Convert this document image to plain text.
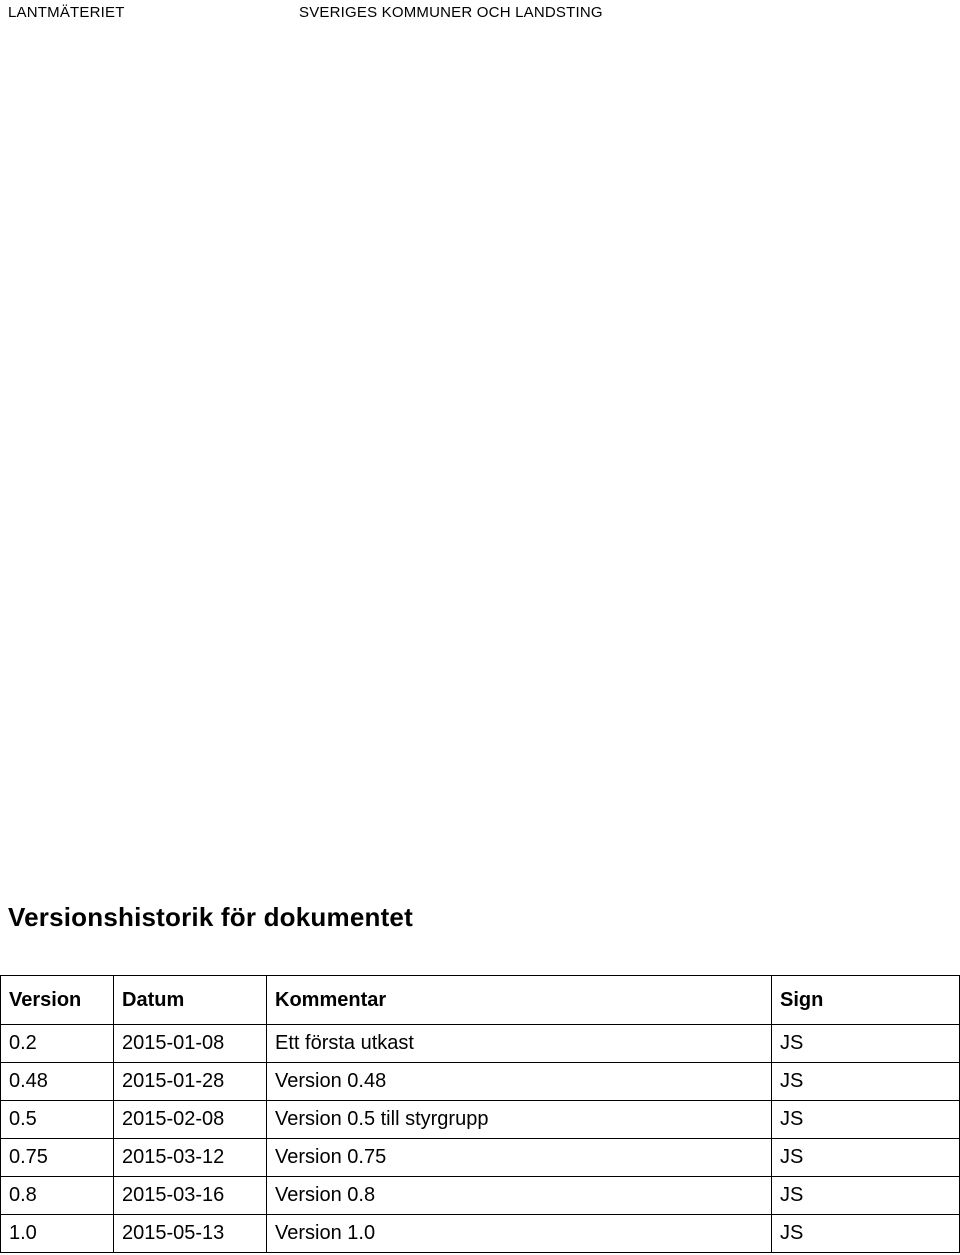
LANTMÄTERIET	SVERIGES KOMMUNER OCH LANDSTING
Versionshistorik för dokumentet
Version	Datum	Kommentar	Sign
0.2	2015-01-08	Ett första utkast	JS
0.48	2015-01-28	Version 0.48	JS
0.5	2015-02-08	Version 0.5 till styrgrupp	JS
0.75	2015-03-12	Version 0.75	JS
0.8	2015-03-16	Version 0.8	JS
1.0	2015-05-13	Version 1.0	JS
